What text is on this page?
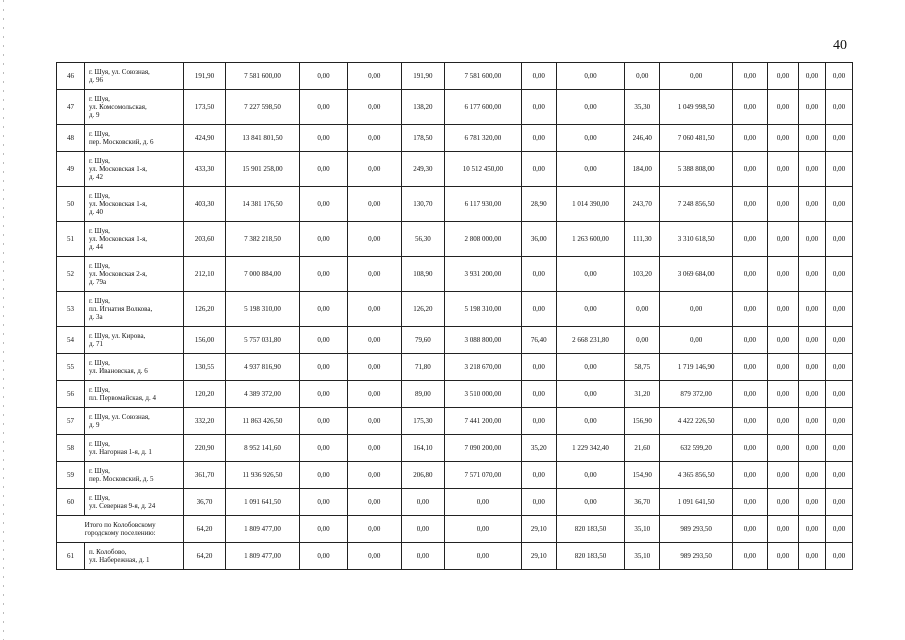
40
46	г. Шуя, ул. Союзная,
д. 96	191,90	7 581 600,00	0,00	0,00	191,90	7 581 600,00	0,00	0,00	0,00	0,00	0,00	0,00	0,00	0,00
47	г. Шуя,
ул. Комсомольская,
д. 9	173,50	7 227 598,50	0,00	0,00	138,20	6 177 600,00	0,00	0,00	35,30	1 049 998,50	0,00	0,00	0,00	0,00
48	г. Шуя,
пер. Московский, д. 6	424,90	13 841 801,50	0,00	0,00	178,50	6 781 320,00	0,00	0,00	246,40	7 060 481,50	0,00	0,00	0,00	0,00
49	г. Шуя,
ул. Московская 1-я,
д. 42	433,30	15 901 258,00	0,00	0,00	249,30	10 512 450,00	0,00	0,00	184,00	5 388 808,00	0,00	0,00	0,00	0,00
50	г. Шуя,
ул. Московская 1-я,
д. 40	403,30	14 381 176,50	0,00	0,00	130,70	6 117 930,00	28,90	1 014 390,00	243,70	7 248 856,50	0,00	0,00	0,00	0,00
51	г. Шуя,
ул. Московская 1-я,
д. 44	203,60	7 382 218,50	0,00	0,00	56,30	2 808 000,00	36,00	1 263 600,00	111,30	3 310 618,50	0,00	0,00	0,00	0,00
52	г. Шуя,
ул. Московская 2-я,
д. 79а	212,10	7 000 884,00	0,00	0,00	108,90	3 931 200,00	0,00	0,00	103,20	3 069 684,00	0,00	0,00	0,00	0,00
53	г. Шуя,
пл. Игнатия Волкова,
д. 3а	126,20	5 198 310,00	0,00	0,00	126,20	5 198 310,00	0,00	0,00	0,00	0,00	0,00	0,00	0,00	0,00
54	г. Шуя, ул. Кирова,
д. 71	156,00	5 757 031,80	0,00	0,00	79,60	3 088 800,00	76,40	2 668 231,80	0,00	0,00	0,00	0,00	0,00	0,00
55	г. Шуя,
ул. Ивановская, д. 6	130,55	4 937 816,90	0,00	0,00	71,80	3 218 670,00	0,00	0,00	58,75	1 719 146,90	0,00	0,00	0,00	0,00
56	г. Шуя,
пл. Первомайская, д. 4	120,20	4 389 372,00	0,00	0,00	89,00	3 510 000,00	0,00	0,00	31,20	879 372,00	0,00	0,00	0,00	0,00
57	г. Шуя, ул. Союзная,
д. 9	332,20	11 863 426,50	0,00	0,00	175,30	7 441 200,00	0,00	0,00	156,90	4 422 226,50	0,00	0,00	0,00	0,00
58	г. Шуя,
ул. Нагорная 1-я, д. 1	220,90	8 952 141,60	0,00	0,00	164,10	7 090 200,00	35,20	1 229 342,40	21,60	632 599,20	0,00	0,00	0,00	0,00
59	г. Шуя,
пер. Московский, д. 5	361,70	11 936 926,50	0,00	0,00	206,80	7 571 070,00	0,00	0,00	154,90	4 365 856,50	0,00	0,00	0,00	0,00
60	г. Шуя,
ул. Северная 9-я, д. 24	36,70	1 091 641,50	0,00	0,00	0,00	0,00	0,00	0,00	36,70	1 091 641,50	0,00	0,00	0,00	0,00

Итого по Колобовскому
городскому поселению:		64,20	1 809 477,00	0,00	0,00	0,00	0,00	29,10	820 183,50	35,10	989 293,50	0,00	0,00	0,00	0,00
61	п. Колобово,
ул. Набережная, д. 1	64,20	1 809 477,00	0,00	0,00	0,00	0,00	29,10	820 183,50	35,10	989 293,50	0,00	0,00	0,00	0,00
